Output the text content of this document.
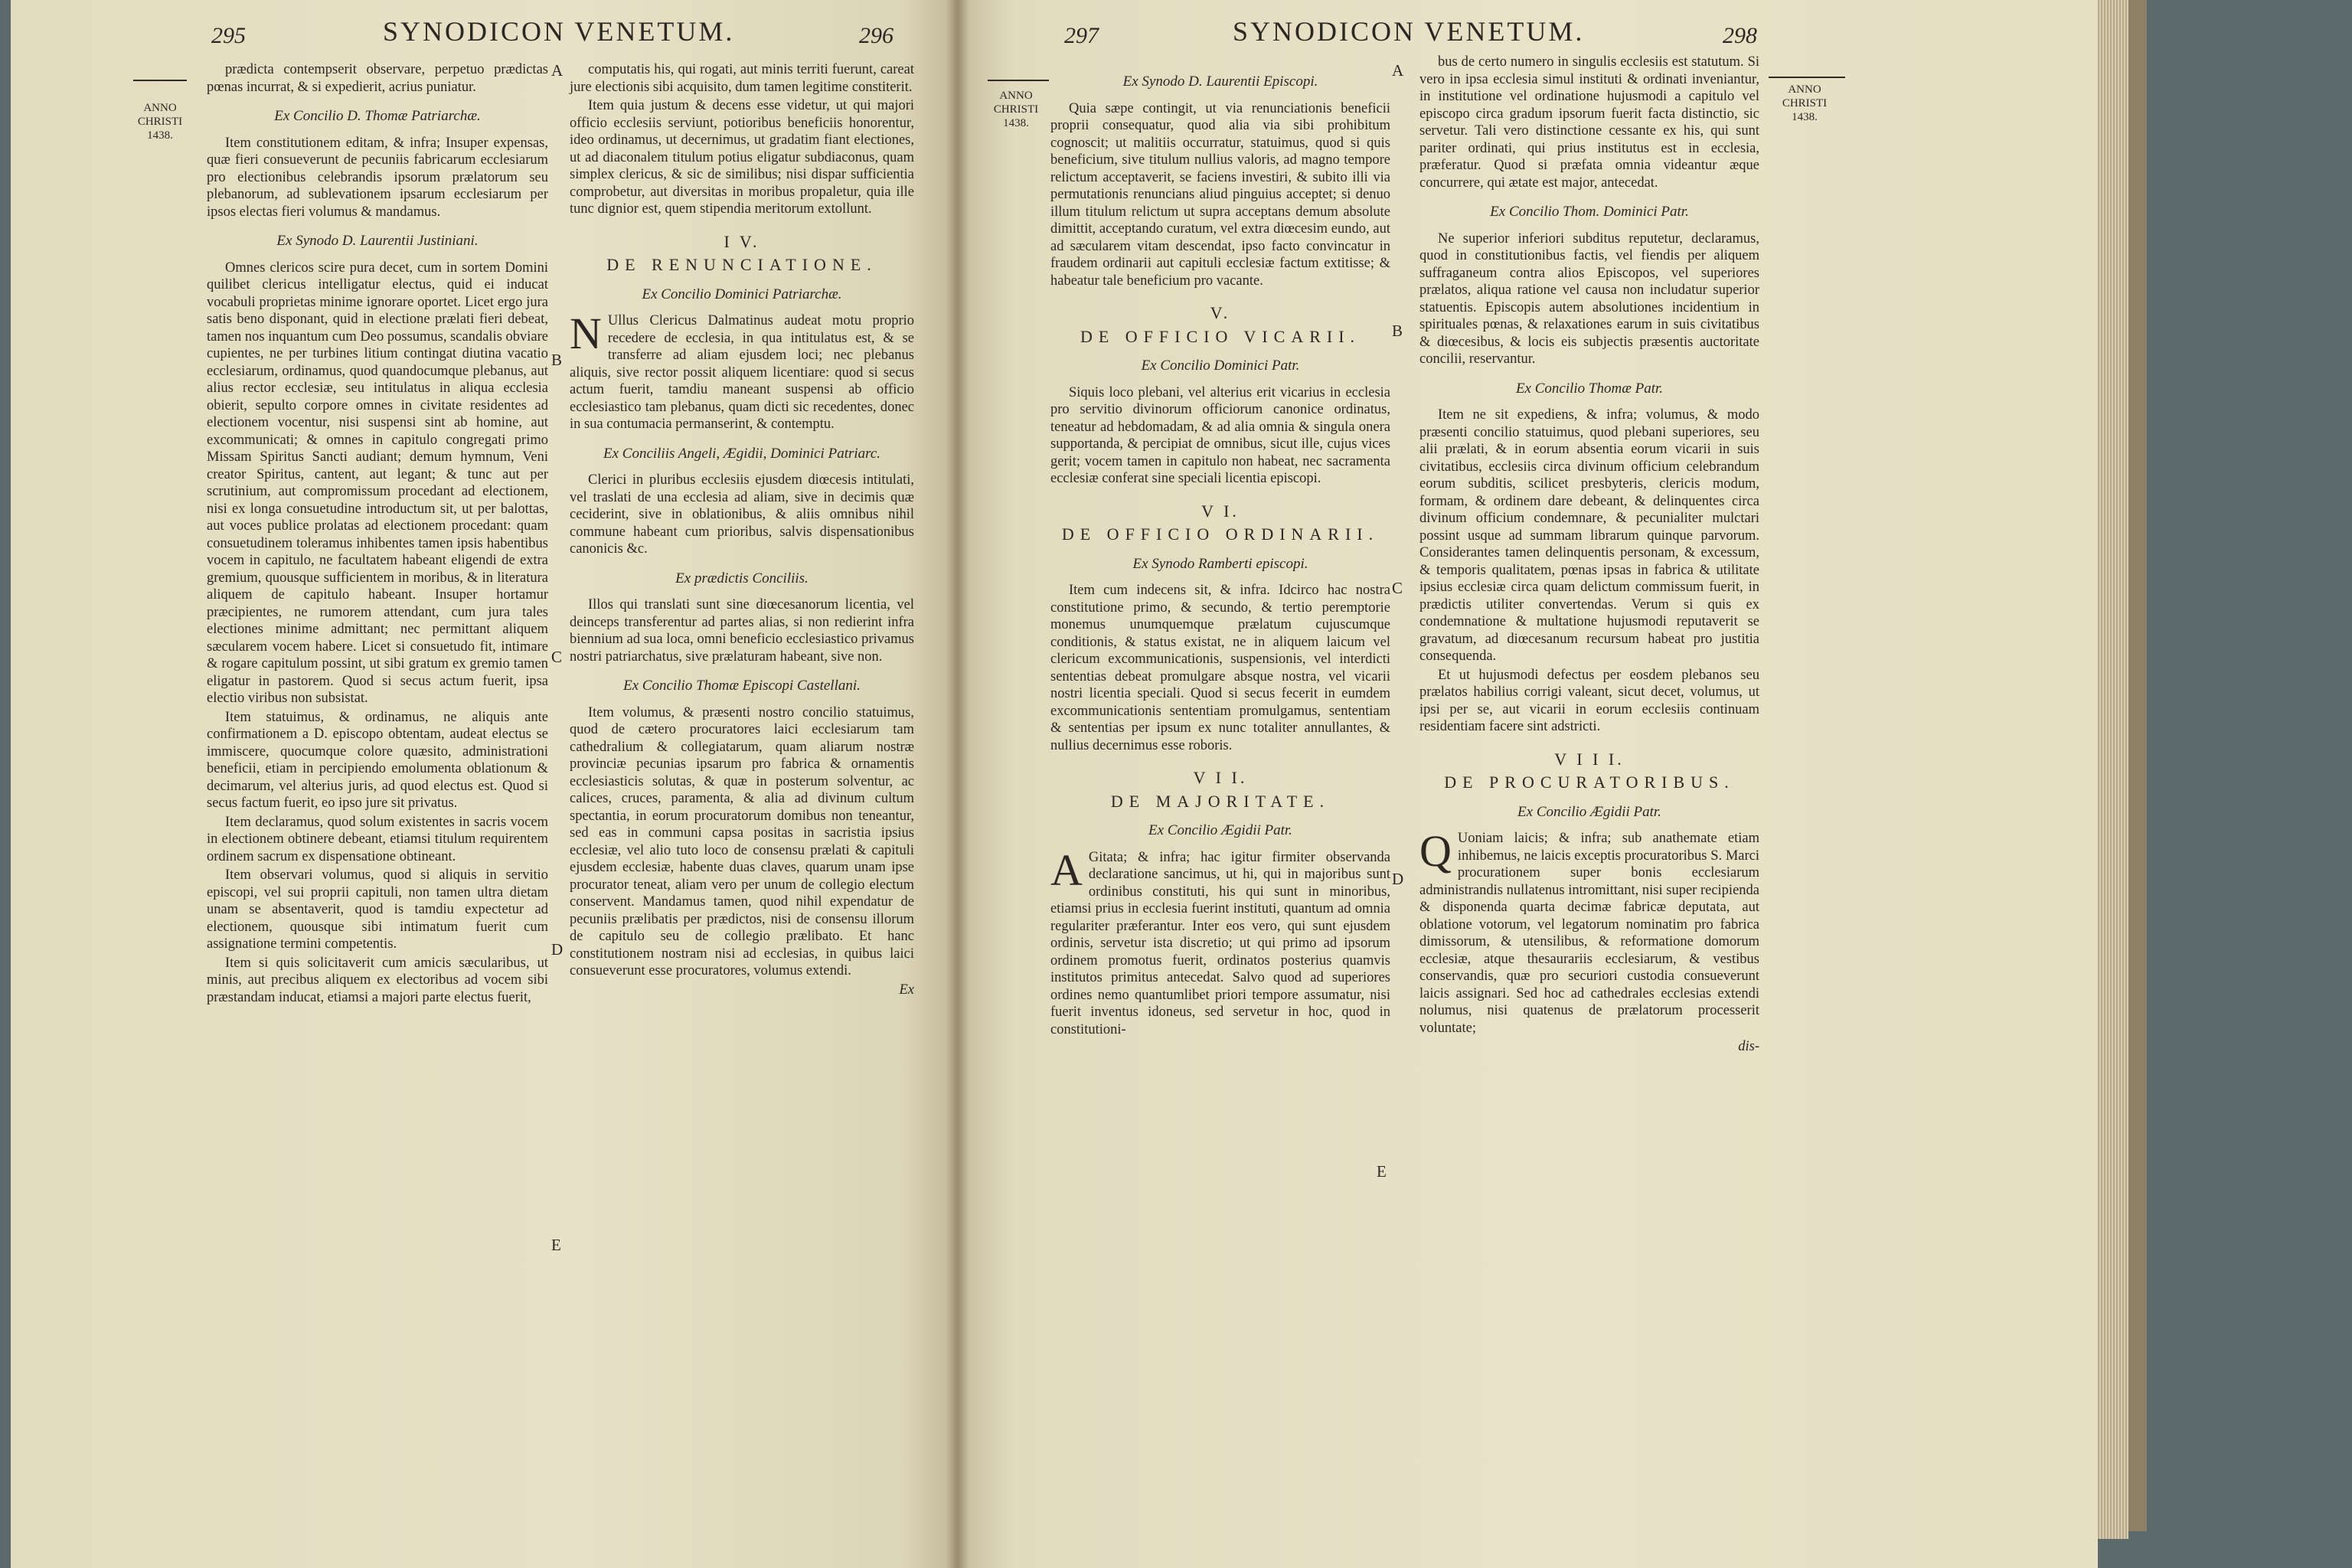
295	SYNODICON VENETUM.	296
ANNO
CHRISTI
1438.
A
B
C
D
E

prædicta contempserit observare, perpetuo prædictas pœnas incurrat, & si expedierit, acrius puniatur.

Ex Concilio D. Thomæ Patriarchæ.

Item constitutionem editam, & infra; Insuper expensas, quæ fieri consueverunt de pecuniis fabricarum ecclesiarum pro electionibus celebrandis ipsorum prælatorum seu plebanorum, ad sublevationem ipsarum ecclesiarum per ipsos electas fieri volumus & mandamus.

Ex Synodo D. Laurentii Justiniani.

Omnes clericos scire pura decet, cum in sortem Domini quilibet clericus intelligatur electus, quid ei inducat vocabuli proprietas minime ignorare oportet. Licet ergo jura satis beno disponant, quid in electione prælati fieri debeat, tamen nos inquantum cum Deo possumus, scandalis obviare cupientes, ne per turbines litium contingat diutina vacatio ecclesiarum, ordinamus, quod quandocumque plebanus, aut alius rector ecclesiæ, seu intitulatus in aliqua ecclesia obierit, sepulto corpore omnes in civitate residentes ad electionem vocentur, nisi suspensi sint ab homine, aut excommunicati; & omnes in capitulo congregati primo Missam Spiritus Sancti audiant; demum hymnum, Veni creator Spiritus, cantent, aut legant; & tunc aut per scrutinium, aut compromissum procedant ad electionem, nisi ex longa consuetudine introductum sit, ut per balottas, aut voces publice prolatas ad electionem procedant: quam consuetudinem toleramus inhibentes tamen ipsis habentibus vocem in capitulo, ne facultatem habeant eligendi de extra gremium, quousque sufficientem in moribus, & in literatura aliquem de capitulo habeant. Insuper hortamur præcipientes, ne rumorem attendant, cum jura tales electiones minime admittant; nec permittant aliquem sæcularem vocem habere. Licet si consuetudo fit, intimare & rogare capitulum possint, ut sibi gratum ex gremio tamen eligatur in pastorem. Quod si secus actum fuerit, ipsa electio viribus non subsistat.

Item statuimus, & ordinamus, ne aliquis ante confirmationem a D. episcopo obtentam, audeat electus se immiscere, quocumque colore quæsito, administrationi beneficii, etiam in percipiendo emolumenta oblationum & decimarum, vel alterius juris, ad quod electus est. Quod si secus factum fuerit, eo ipso jure sit privatus.

Item declaramus, quod solum existentes in sacris vocem in electionem obtinere debeant, etiamsi titulum requirentem ordinem sacrum ex dispensatione obtineant.

Item observari volumus, quod si aliquis in servitio episcopi, vel sui proprii capituli, non tamen ultra dietam unam se absentaverit, quod is tamdiu expectetur ad electionem, quousque sibi intimatum fuerit cum assignatione termini competentis.

Item si quis solicitaverit cum amicis sæcularibus, ut minis, aut precibus aliquem ex electoribus ad vocem sibi præstandam inducat, etiamsi a majori parte electus fuerit,

computatis his, qui rogati, aut minis territi fuerunt, careat jure electionis sibi acquisito, dum tamen legitime constiterit.

Item quia justum & decens esse videtur, ut qui majori officio ecclesiis serviunt, potioribus beneficiis honorentur, ideo ordinamus, ut decernimus, ut gradatim fiant electiones, ut ad diaconalem titulum potius eligatur subdiaconus, quam simplex clericus, & sic de similibus; nisi dispar sufficientia comprobetur, aut diversitas in moribus propaletur, quia ille tunc dignior est, quem stipendia meritorum extollunt.

I V.

DE RENUNCIATIONE.

Ex Concilio Dominici Patriarchæ.

N Ullus Clericus Dalmatinus audeat motu proprio recedere de ecclesia, in qua intitulatus est, & se transferre ad aliam ejusdem loci; nec plebanus aliquis, sive rector possit aliquem licentiare: quod si secus actum fuerit, tamdiu maneant suspensi ab officio ecclesiastico tam plebanus, quam dicti sic recedentes, donec in sua contumacia permanserint, & contemptu.

Ex Conciliis Angeli, Ægidii, Dominici Patriarc.

Clerici in pluribus ecclesiis ejusdem diœcesis intitulati, vel traslati de una ecclesia ad aliam, sive in decimis quæ ceciderint, sive in oblationibus, & aliis omnibus nihil commune habeant cum prioribus, salvis dispensationibus canonicis &c.

Ex prædictis Conciliis.

Illos qui translati sunt sine diœcesanorum licentia, vel deinceps transferentur ad partes alias, si non redierint infra biennium ad sua loca, omni beneficio ecclesiastico privamus nostri patriarchatus, sive prælaturam habeant, sive non.

Ex Concilio Thomæ Episcopi Castellani.

Item volumus, & præsenti nostro concilio statuimus, quod de cætero procuratores laici ecclesiarum tam cathedralium & collegiatarum, quam aliarum nostræ provinciæ pecunias ipsarum pro fabrica & ornamentis ecclesiasticis solutas, & quæ in posterum solventur, ac calices, cruces, paramenta, & alia ad divinum cultum spectantia, in eorum procuratorum domibus non teneantur, sed eas in communi capsa positas in sacristia ipsius ecclesiæ, vel alio tuto loco de consensu prælati & capituli ejusdem ecclesiæ, habente duas claves, quarum unam ipse procurator teneat, aliam vero per unum de collegio electum conservent. Mandamus tamen, quod nihil expendatur de pecuniis prælibatis per prædictos, nisi de consensu illorum de capitulo seu de collegio prælibato. Et hanc constitutionem nostram nisi ad ecclesias, in quibus laici consueverunt esse procuratores, volumus extendi.

Ex

297	SYNODICON VENETUM.	298
ANNO
CHRISTI
1438.
ANNO
CHRISTI
1438.
A
B
C
D
E

Ex Synodo D. Laurentii Episcopi.

Quia sæpe contingit, ut via renunciationis beneficii proprii consequatur, quod alia via sibi prohibitum cognoscit; ut malitiis occurratur, statuimus, quod si quis beneficium, sive titulum nullius valoris, ad magno tempore relictum acceptaverit, se faciens investiri, & subito illi via permutationis renuncians aliud pinguius acceptet; si denuo illum titulum relictum ut supra acceptans demum absolute dimittit, acceptando curatum, vel extra diœcesim eundo, aut ad sæcularem vitam descendat, ipso facto convincatur in fraudem ordinarii aut capituli ecclesiæ factum extitisse; & habeatur tale beneficium pro vacante.

V.

DE OFFICIO VICARII.

Ex Concilio Dominici Patr.

Siquis loco plebani, vel alterius erit vicarius in ecclesia pro servitio divinorum officiorum canonice ordinatus, teneatur ad hebdomadam, & ad alia omnia & singula onera supportanda, & percipiat de omnibus, sicut ille, cujus vices gerit; vocem tamen in capitulo non habeat, nec sacramenta ecclesiæ conferat sine speciali licentia episcopi.

V I.

DE OFFICIO ORDINARII.

Ex Synodo Ramberti episcopi.

Item cum indecens sit, & infra. Idcirco hac nostra constitutione primo, & secundo, & tertio peremptorie monemus unumquemque prælatum cujuscumque conditionis, & status existat, ne in aliquem laicum vel clericum excommunicationis, suspensionis, vel interdicti sententias debeat promulgare absque nostra, vel vicarii nostri licentia speciali. Quod si secus fecerit in eumdem excommunicationis sententiam promulgamus, sententiam & sententias per ipsum ex nunc totaliter annullantes, & nullius decernimus esse roboris.

V I I.

DE MAJORITATE.

Ex Concilio Ægidii Patr.

A Gitata; & infra; hac igitur firmiter observanda declaratione sancimus, ut hi, qui in majoribus sunt ordinibus constituti, his qui sunt in minoribus, etiamsi prius in ecclesia fuerint instituti, quantum ad omnia regulariter præferantur. Inter eos vero, qui sunt ejusdem ordinis, servetur ista discretio; ut qui primo ad ipsorum ordinem promotus fuerit, ordinatos posterius quamvis institutos primitus antecedat. Salvo quod ad superiores ordines nemo quantumlibet priori tempore assumatur, nisi fuerit inventus idoneus, sed servetur in hoc, quod in constitutioni-

bus de certo numero in singulis ecclesiis est statutum. Si vero in ipsa ecclesia simul instituti & ordinati inveniantur, in institutione vel ordinatione hujusmodi a capitulo vel episcopo circa gradum ipsorum fuerit facta distinctio, sic servetur. Tali vero distinctione cessante ex his, qui sunt pariter ordinati, qui prius institutus est in ecclesia, præferatur. Quod si præfata omnia videantur æque concurrere, qui ætate est major, antecedat.

Ex Concilio Thom. Dominici Patr.

Ne superior inferiori subditus reputetur, declaramus, quod in constitutionibus factis, vel fiendis per aliquem suffraganeum contra alios Episcopos, vel superiores prælatos, aliqua ratione vel causa non includatur superior statuentis. Episcopis autem absolutiones incidentium in spirituales pœnas, & relaxationes earum in suis civitatibus & diœcesibus, & locis eis subjectis præsentis auctoritate concilii, reservantur.

Ex Concilio Thomæ Patr.

Item ne sit expediens, & infra; volumus, & modo præsenti concilio statuimus, quod plebani superiores, seu alii prælati, & in eorum absentia eorum vicarii in suis civitatibus, ecclesiis circa divinum officium celebrandum eorum subditis, scilicet presbyteris, clericis modum, formam, & ordinem dare debeant, & delinquentes circa divinum officium condemnare, & pecunialiter mulctari possint usque ad summam librarum quinque parvorum. Considerantes tamen delinquentis personam, & excessum, & temporis qualitatem, pœnas ipsas in fabrica & utilitate ipsius ecclesiæ circa quam delictum commissum fuerit, in prædictis utiliter convertendas. Verum si quis ex condemnatione & multatione hujusmodi reputaverit se gravatum, ad diœcesanum recursum habeat pro justitia consequenda.

Et ut hujusmodi defectus per eosdem plebanos seu prælatos habilius corrigi valeant, sicut decet, volumus, ut ipsi per se, aut vicarii in eorum ecclesiis continuam residentiam facere sint adstricti.

V I I I.

DE PROCURATORIBUS.

Ex Concilio Ægidii Patr.

Q Uoniam laicis; & infra; sub anathemate etiam inhibemus, ne laicis exceptis procuratoribus S. Marci procurationem super bonis ecclesiarum administrandis nullatenus intromittant, nisi super recipienda & disponenda quarta decimæ fabricæ deputata, aut oblatione votorum, vel legatorum nominatim pro fabrica dimissorum, & utensilibus, & reformatione domorum ecclesiæ, atque thesaurariis ecclesiarum, & vestibus conservandis, quæ pro securiori custodia consueverunt laicis assignari. Sed hoc ad cathedrales ecclesias extendi nolumus, nisi quatenus de prælatorum processerit voluntate;

dis-
